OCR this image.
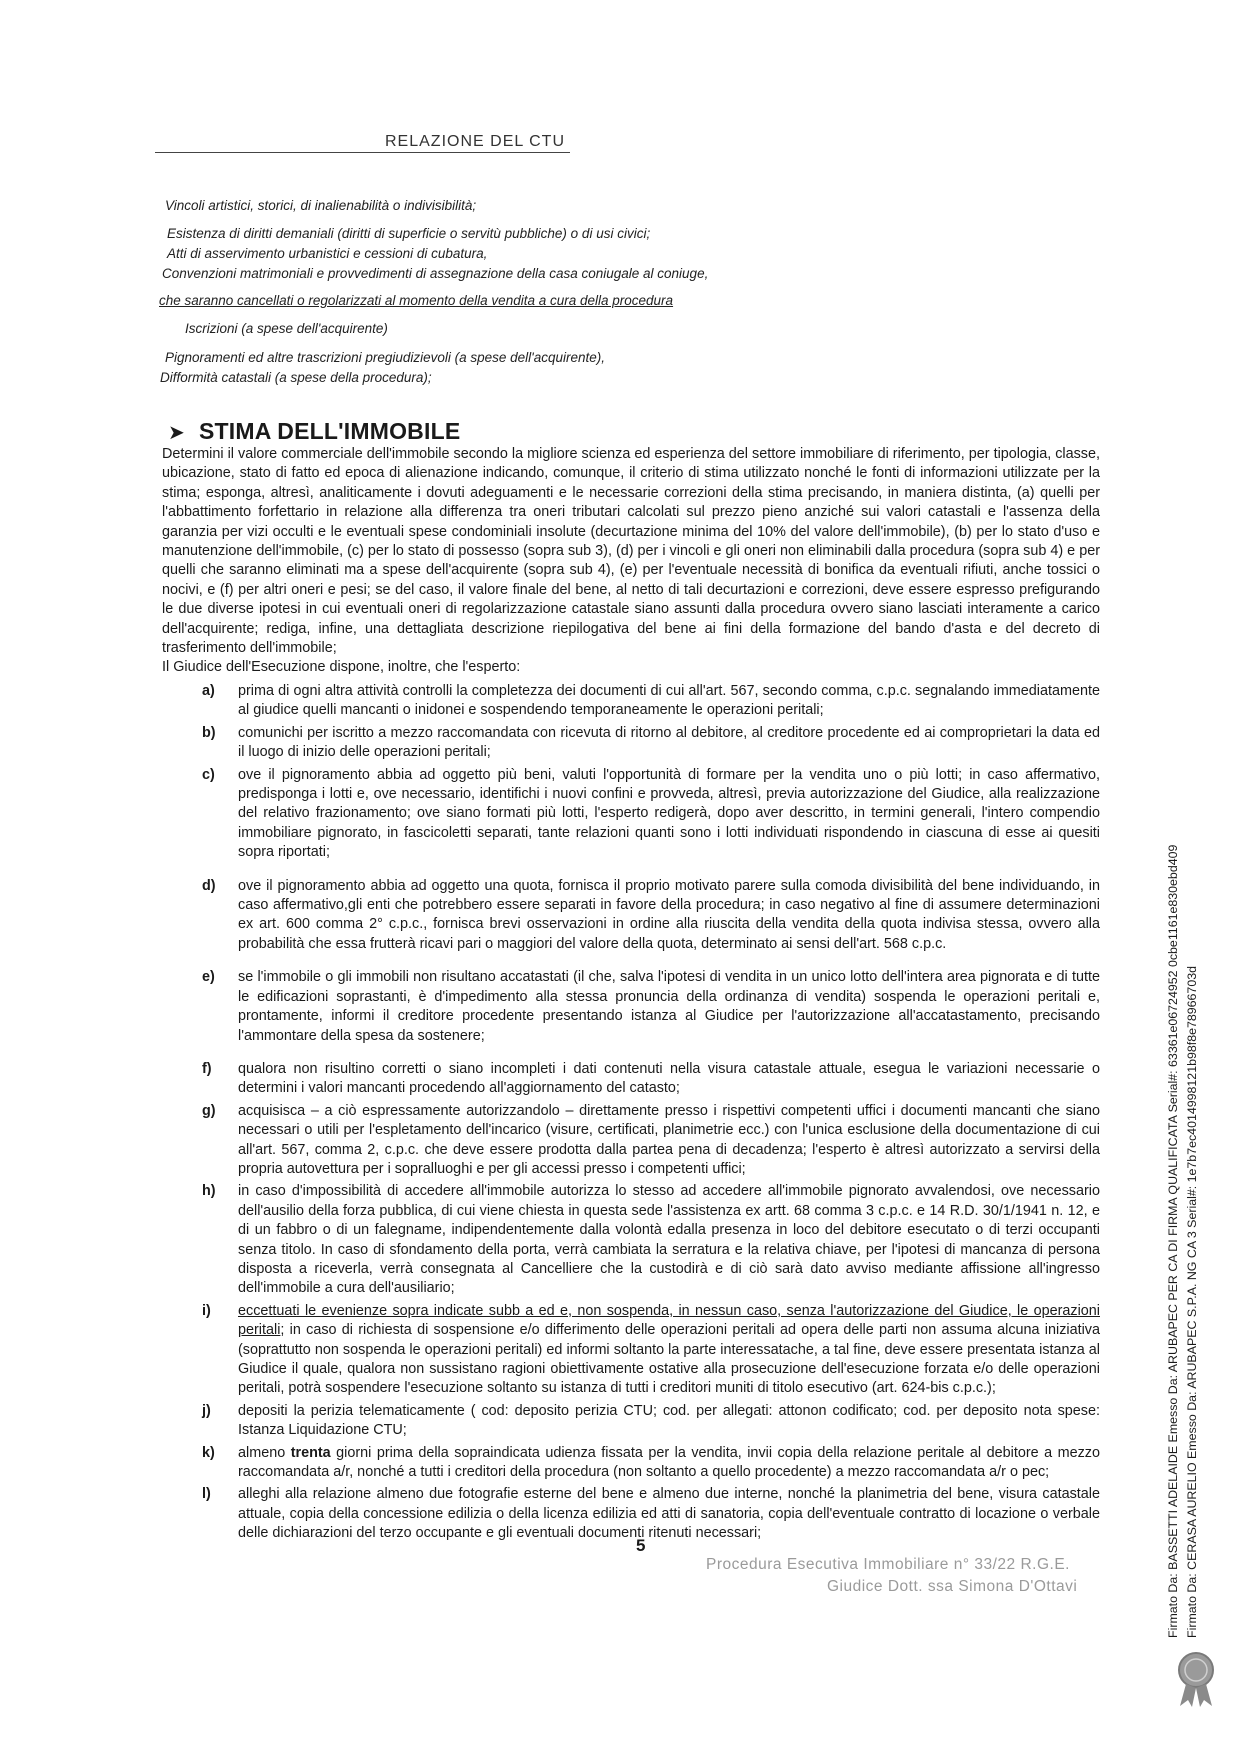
RELAZIONE DEL CTU
Vincoli artistici, storici, di inalienabilità o indivisibilità;
Esistenza di diritti demaniali (diritti di superficie o servitù pubbliche) o di usi civici;
Atti di asservimento urbanistici e cessioni di cubatura,
Convenzioni matrimoniali e provvedimenti di assegnazione della casa coniugale al coniuge,
che saranno cancellati o regolarizzati al momento della vendita a cura della procedura
Iscrizioni (a spese dell'acquirente)
Pignoramenti ed altre trascrizioni pregiudizievoli (a spese dell'acquirente),
Difformità catastali (a spese della procedura);
➤ STIMA DELL'IMMOBILE

Determini il valore commerciale dell'immobile secondo la migliore scienza ed esperienza del settore immobiliare di riferimento, per tipologia, classe, ubicazione, stato di fatto ed epoca di alienazione indicando, comunque, il criterio di stima utilizzato nonché le fonti di informazioni utilizzate per la stima; esponga, altresì, analiticamente i dovuti adeguamenti e le necessarie correzioni della stima precisando, in maniera distinta, (a) quelli per l'abbattimento forfettario in relazione alla differenza tra oneri tributari calcolati sul prezzo pieno anziché sui valori catastali e l'assenza della garanzia per vizi occulti e le eventuali spese condominiali insolute (decurtazione minima del 10% del valore dell'immobile), (b) per lo stato d'uso e manutenzione dell'immobile, (c) per lo stato di possesso (sopra sub 3), (d) per i vincoli e gli oneri non eliminabili dalla procedura (sopra sub 4) e per quelli che saranno eliminati ma a spese dell'acquirente (sopra sub 4), (e) per l'eventuale necessità di bonifica da eventuali rifiuti, anche tossici o nocivi, e (f) per altri oneri e pesi; se del caso, il valore finale del bene, al netto di tali decurtazioni e correzioni, deve essere espresso prefigurando le due diverse ipotesi in cui eventuali oneri di regolarizzazione catastale siano assunti dalla procedura ovvero siano lasciati interamente a carico dell'acquirente; rediga, infine, una dettagliata descrizione riepilogativa del bene ai fini della formazione del bando d'asta e del decreto di trasferimento dell'immobile;

Il Giudice dell'Esecuzione dispone, inoltre, che l'esperto:

a) prima di ogni altra attività controlli la completezza dei documenti di cui all'art. 567, secondo comma, c.p.c. segnalando immediatamente al giudice quelli mancanti o inidonei e sospendendo temporaneamente le operazioni peritali;
b) comunichi per iscritto a mezzo raccomandata con ricevuta di ritorno al debitore, al creditore procedente ed ai comproprietari la data ed il luogo di inizio delle operazioni peritali;
c) ove il pignoramento abbia ad oggetto più beni, valuti l'opportunità di formare per la vendita uno o più lotti; in caso affermativo, predisponga i lotti e, ove necessario, identifichi i nuovi confini e provveda, altresì, previa autorizzazione del Giudice, alla realizzazione del relativo frazionamento; ove siano formati più lotti, l'esperto redigerà, dopo aver descritto, in termini generali, l'intero compendio immobiliare pignorato, in fascicoletti separati, tante relazioni quanti sono i lotti individuati rispondendo in ciascuna di esse ai quesiti sopra riportati;
d) ove il pignoramento abbia ad oggetto una quota, fornisca il proprio motivato parere sulla comoda divisibilità del bene individuando, in caso affermativo,gli enti che potrebbero essere separati in favore della procedura; in caso negativo al fine di assumere determinazioni ex art. 600 comma 2° c.p.c., fornisca brevi osservazioni in ordine alla riuscita della vendita della quota indivisa stessa, ovvero alla probabilità che essa frutterà ricavi pari o maggiori del valore della quota, determinato ai sensi dell'art. 568 c.p.c.
e) se l'immobile o gli immobili non risultano accatastati (il che, salva l'ipotesi di vendita in un unico lotto dell'intera area pignorata e di tutte le edificazioni soprastanti, è d'impedimento alla stessa pronuncia della ordinanza di vendita) sospenda le operazioni peritali e, prontamente, informi il creditore procedente presentando istanza al Giudice per l'autorizzazione all'accatastamento, precisando l'ammontare della spesa da sostenere;
f) qualora non risultino corretti o siano incompleti i dati contenuti nella visura catastale attuale, esegua le variazioni necessarie o determini i valori mancanti procedendo all'aggiornamento del catasto;
g) acquisisca – a ciò espressamente autorizzandolo – direttamente presso i rispettivi competenti uffici i documenti mancanti che siano necessari o utili per l'espletamento dell'incarico (visure, certificati, planimetrie ecc.) con l'unica esclusione della documentazione di cui all'art. 567, comma 2, c.p.c. che deve essere prodotta dalla partea pena di decadenza; l'esperto è altresì autorizzato a servirsi della propria autovettura per i sopralluoghi e per gli accessi presso i competenti uffici;
h) in caso d'impossibilità di accedere all'immobile autorizza lo stesso ad accedere all'immobile pignorato avvalendosi, ove necessario dell'ausilio della forza pubblica, di cui viene chiesta in questa sede l'assistenza ex artt. 68 comma 3 c.p.c. e 14 R.D. 30/1/1941 n. 12, e di un fabbro o di un falegname, indipendentemente dalla volontà edalla presenza in loco del debitore esecutato o di terzi occupanti senza titolo. In caso di sfondamento della porta, verrà cambiata la serratura e la relativa chiave, per l'ipotesi di mancanza di persona disposta a riceverla, verrà consegnata al Cancelliere che la custodirà e di ciò sarà dato avviso mediante affissione all'ingresso dell'immobile a cura dell'ausiliario;
i) eccettuati le evenienze sopra indicate subb a ed e, non sospenda, in nessun caso, senza l'autorizzazione del Giudice, le operazioni peritali; in caso di richiesta di sospensione e/o differimento delle operazioni peritali ad opera delle parti non assuma alcuna iniziativa (soprattutto non sospenda le operazioni peritali) ed informi soltanto la parte interessatache, a tal fine, deve essere presentata istanza al Giudice il quale, qualora non sussistano ragioni obiettivamente ostative alla prosecuzione dell'esecuzione forzata e/o delle operazioni peritali, potrà sospendere l'esecuzione soltanto su istanza di tutti i creditori muniti di titolo esecutivo (art. 624-bis c.p.c.);
j) depositi la perizia telematicamente ( cod: deposito perizia CTU; cod. per allegati: attonon codificato; cod. per deposito nota spese: Istanza Liquidazione CTU;
k) almeno trenta giorni prima della sopraindicata udienza fissata per la vendita, invii copia della relazione peritale al debitore a mezzo raccomandata a/r, nonché a tutti i creditori della procedura (non soltanto a quello procedente) a mezzo raccomandata a/r o pec;
l) alleghi alla relazione almeno due fotografie esterne del bene e almeno due interne, nonché la planimetria del bene, visura catastale attuale, copia della concessione edilizia o della licenza edilizia ed atti di sanatoria, copia dell'eventuale contratto di locazione o verbale delle dichiarazioni del terzo occupante e gli eventuali documenti ritenuti necessari;
5
Procedura Esecutiva Immobiliare n° 33/22 R.G.E.
Giudice Dott. ssa Simona D'Ottavi	Firmato Da: BASSETTI ADELAIDE Emesso Da: ARUBAPEC PER CA DI FIRMA QUALIFICATA Serial#: 63361e06724952 0cbe1161e830ebd409 Firmato Da: CERASA AURELIO Emesso Da: ARUBAPEC S.P.A. NG CA 3 Serial#: 1e7b7ec4014998121b98f8e78966703d
